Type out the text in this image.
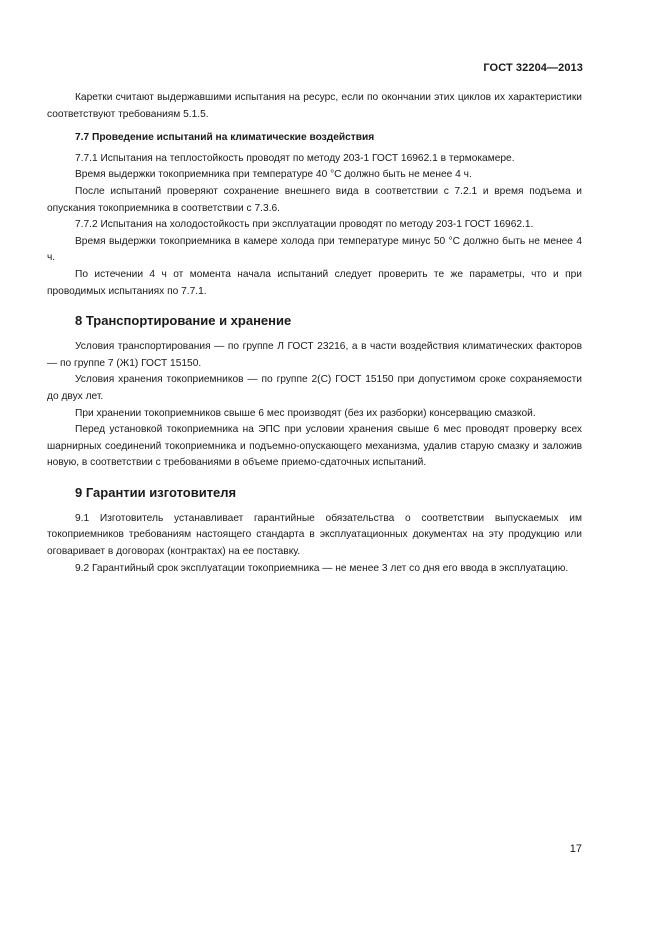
ГОСТ 32204—2013

Каретки считают выдержавшими испытания на ресурс, если по окончании этих циклов их характеристики соответствуют требованиям 5.1.5.

7.7 Проведение испытаний на климатические воздействия

7.7.1 Испытания на теплостойкость проводят по методу 203-1 ГОСТ 16962.1 в термокамере.

Время выдержки токоприемника при температуре 40 °С должно быть не менее 4 ч.

После испытаний проверяют сохранение внешнего вида в соответствии с 7.2.1 и время подъема и опускания токоприемника в соответствии с 7.3.6.

7.7.2 Испытания на холодостойкость при эксплуатации проводят по методу 203-1 ГОСТ 16962.1.

Время выдержки токоприемника в камере холода при температуре минус 50 °С должно быть не менее 4 ч.

По истечении 4 ч от момента начала испытаний следует проверить те же параметры, что и при проводимых испытаниях по 7.7.1.

8 Транспортирование и хранение

Условия транспортирования — по группе Л ГОСТ 23216, а в части воздействия климатических факторов — по группе 7 (Ж1) ГОСТ 15150.

Условия хранения токоприемников — по группе 2(С) ГОСТ 15150 при допустимом сроке сохраняемости до двух лет.

При хранении токоприемников свыше 6 мес производят (без их разборки) консервацию смазкой.

Перед установкой токоприемника на ЭПС при условии хранения свыше 6 мес проводят проверку всех шарнирных соединений токоприемника и подъемно-опускающего механизма, удалив старую смазку и заложив новую, в соответствии с требованиями в объеме приемо-сдаточных испытаний.

9 Гарантии изготовителя

9.1 Изготовитель устанавливает гарантийные обязательства о соответствии выпускаемых им токоприемников требованиям настоящего стандарта в эксплуатационных документах на эту продукцию или оговаривает в договорах (контрактах) на ее поставку.

9.2 Гарантийный срок эксплуатации токоприемника — не менее 3 лет со дня его ввода в эксплуатацию.

17
